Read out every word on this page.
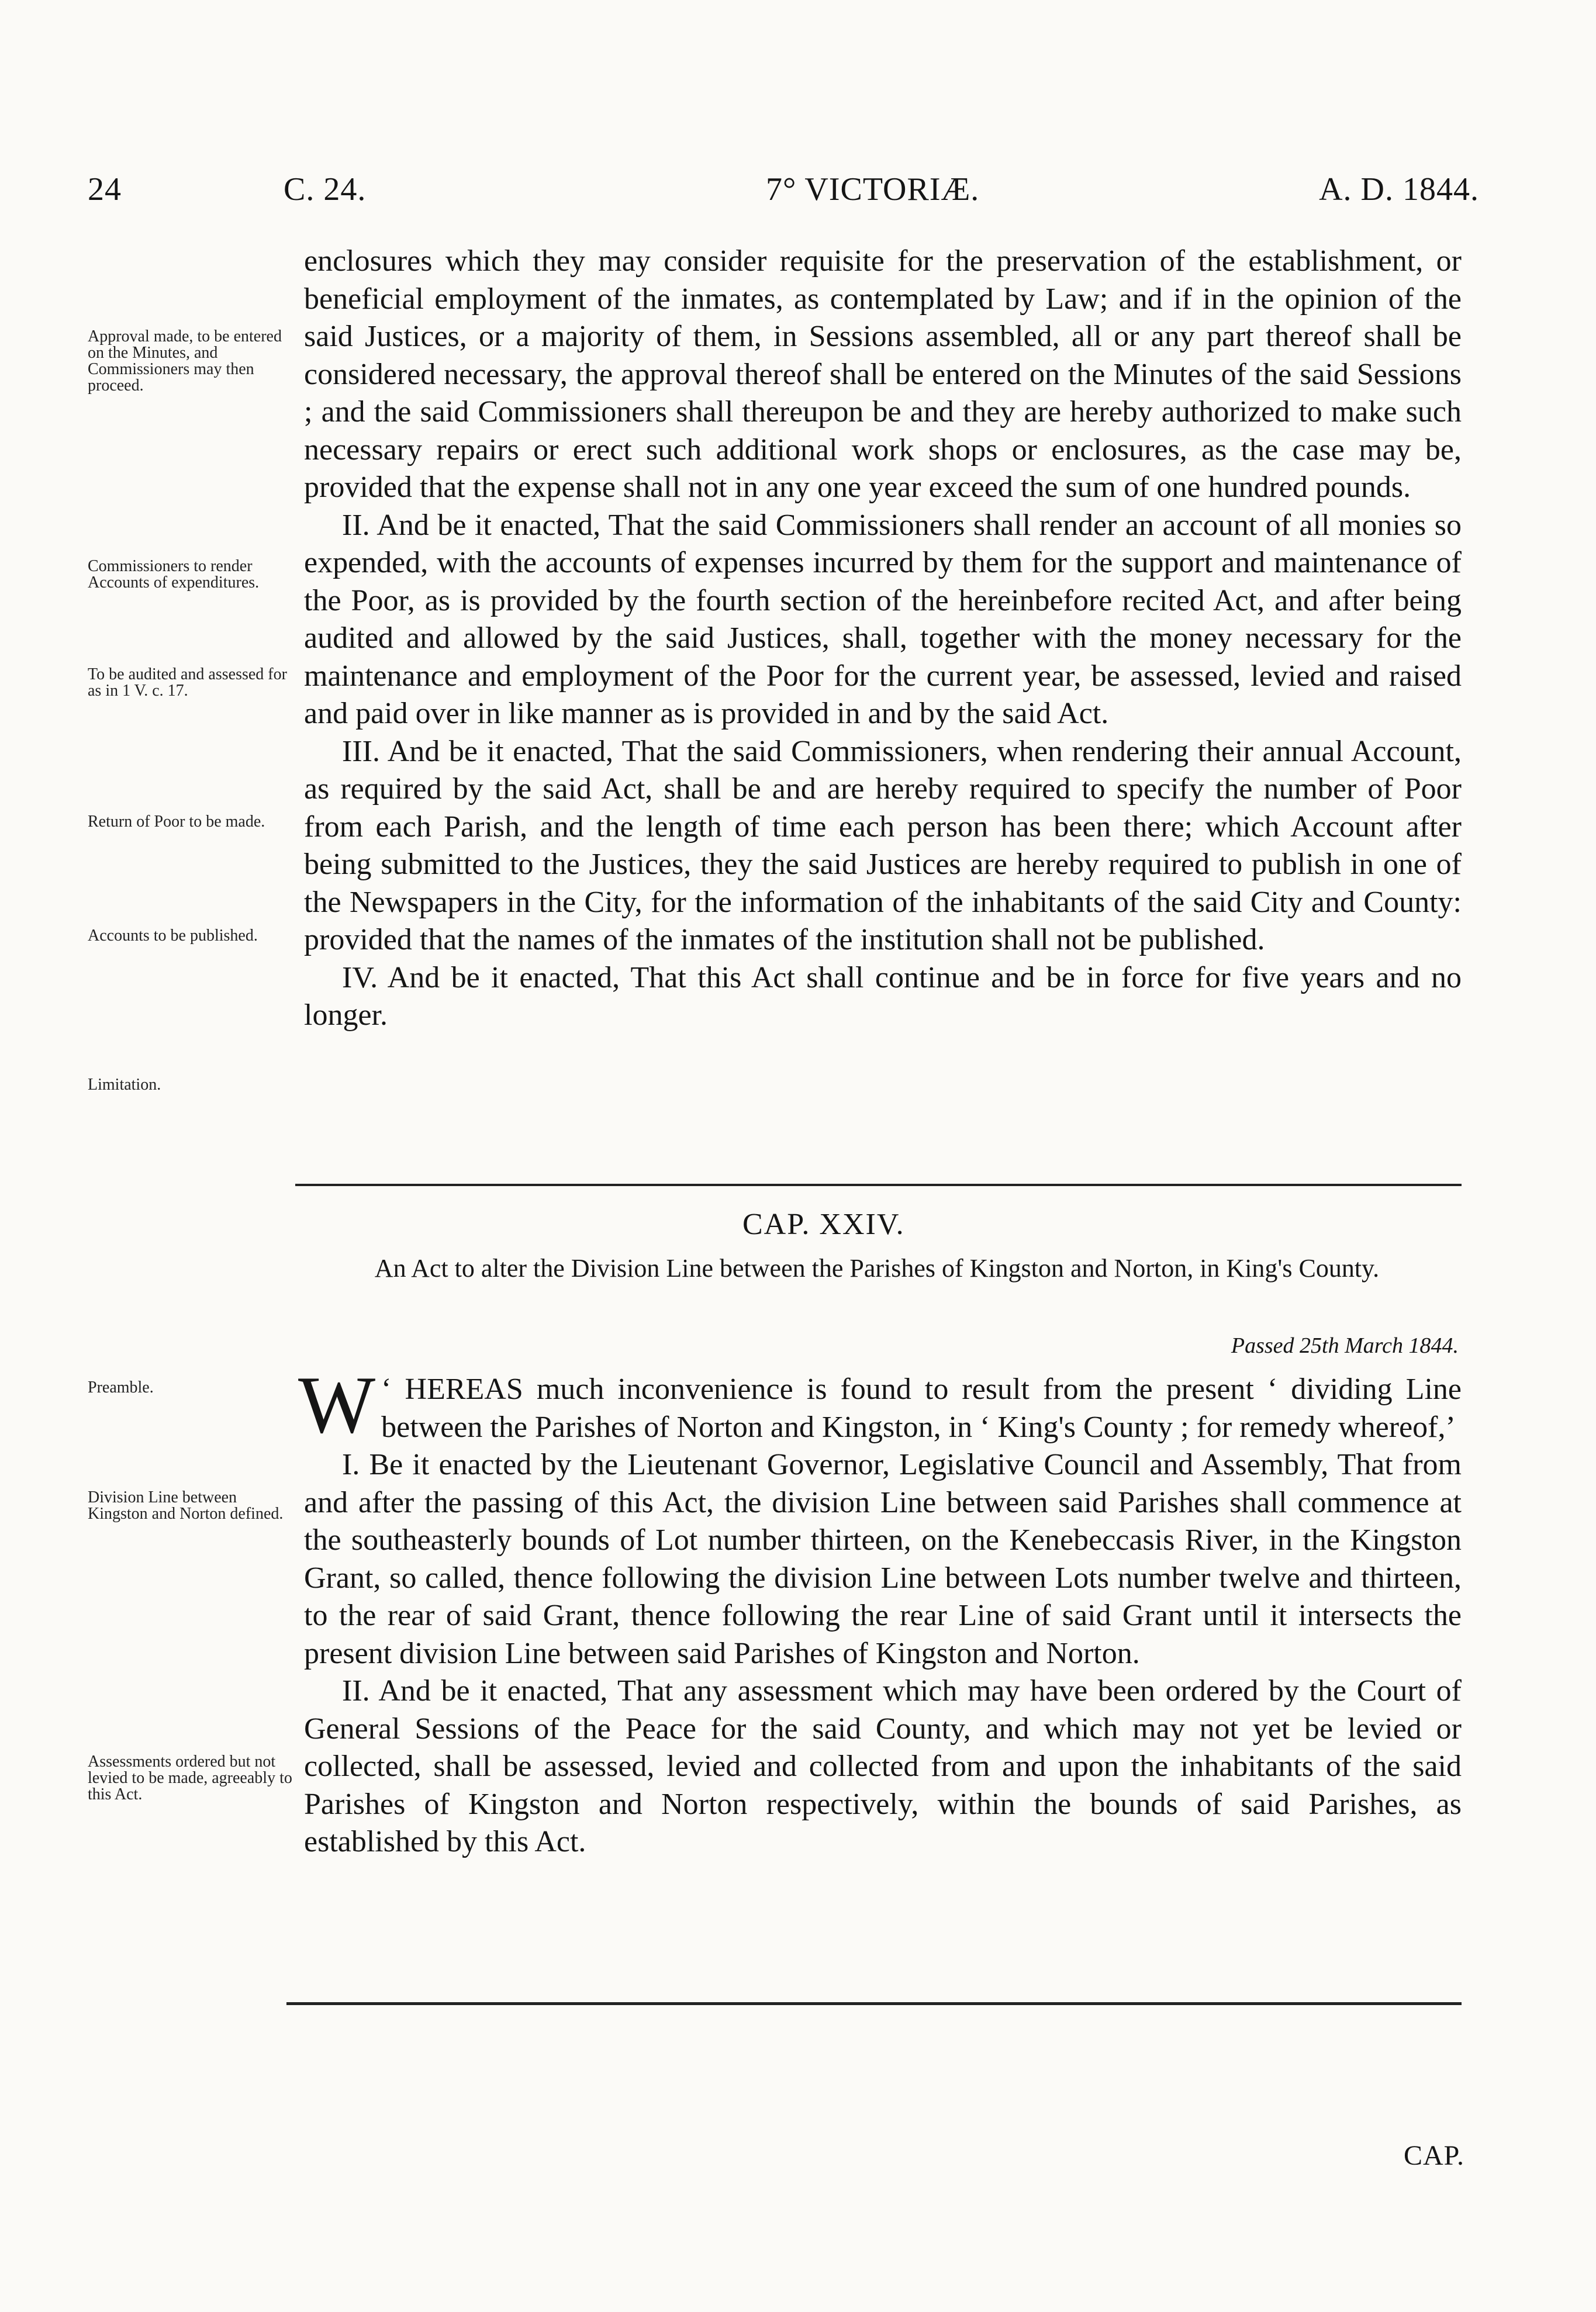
24	C. 24.	7° VICTORIÆ.	A. D. 1844.
Approval made, to be entered on the Minutes, and Commissioners may then proceed.
Commissioners to render Accounts of expenditures.
To be audited and assessed for as in 1 V. c. 17.
Return of Poor to be made.
Accounts to be published.
Limitation.
Preamble.
Division Line between Kingston and Norton defined.
Assessments ordered but not levied to be made, agreeably to this Act.

enclosures which they may consider requisite for the preservation of the establishment, or beneficial employment of the inmates, as contemplated by Law; and if in the opinion of the said Justices, or a majority of them, in Sessions assembled, all or any part thereof shall be considered necessary, the approval thereof shall be entered on the Minutes of the said Sessions ; and the said Commissioners shall thereupon be and they are hereby authorized to make such necessary repairs or erect such additional work shops or enclosures, as the case may be, provided that the expense shall not in any one year exceed the sum of one hundred pounds.

II. And be it enacted, That the said Commissioners shall render an account of all monies so expended, with the accounts of expenses incurred by them for the support and maintenance of the Poor, as is provided by the fourth section of the hereinbefore recited Act, and after being audited and allowed by the said Justices, shall, together with the money necessary for the maintenance and employment of the Poor for the current year, be assessed, levied and raised and paid over in like manner as is provided in and by the said Act.

III. And be it enacted, That the said Commissioners, when rendering their annual Account, as required by the said Act, shall be and are hereby required to specify the number of Poor from each Parish, and the length of time each person has been there; which Account after being submitted to the Justices, they the said Justices are hereby required to publish in one of the Newspapers in the City, for the information of the inhabitants of the said City and County: provided that the names of the inmates of the institution shall not be published.

IV. And be it enacted, That this Act shall continue and be in force for five years and no longer.

CAP. XXIV.
An Act to alter the Division Line between the Parishes of Kingston and Norton, in King's County.
Passed 25th March 1844.

‘
W HEREAS much inconvenience is found to result from the present ‘ dividing Line between the Parishes of Norton and Kingston, in ‘ King's County ; for remedy whereof,’

I. Be it enacted by the Lieutenant Governor, Legislative Council and Assembly, That from and after the passing of this Act, the division Line between said Parishes shall commence at the southeasterly bounds of Lot number thirteen, on the Kenebeccasis River, in the Kingston Grant, so called, thence following the division Line between Lots number twelve and thirteen, to the rear of said Grant, thence following the rear Line of said Grant until it intersects the present division Line between said Parishes of Kingston and Norton.

II. And be it enacted, That any assessment which may have been ordered by the Court of General Sessions of the Peace for the said County, and which may not yet be levied or collected, shall be assessed, levied and collected from and upon the inhabitants of the said Parishes of Kingston and Norton respectively, within the bounds of said Parishes, as established by this Act.

CAP.
